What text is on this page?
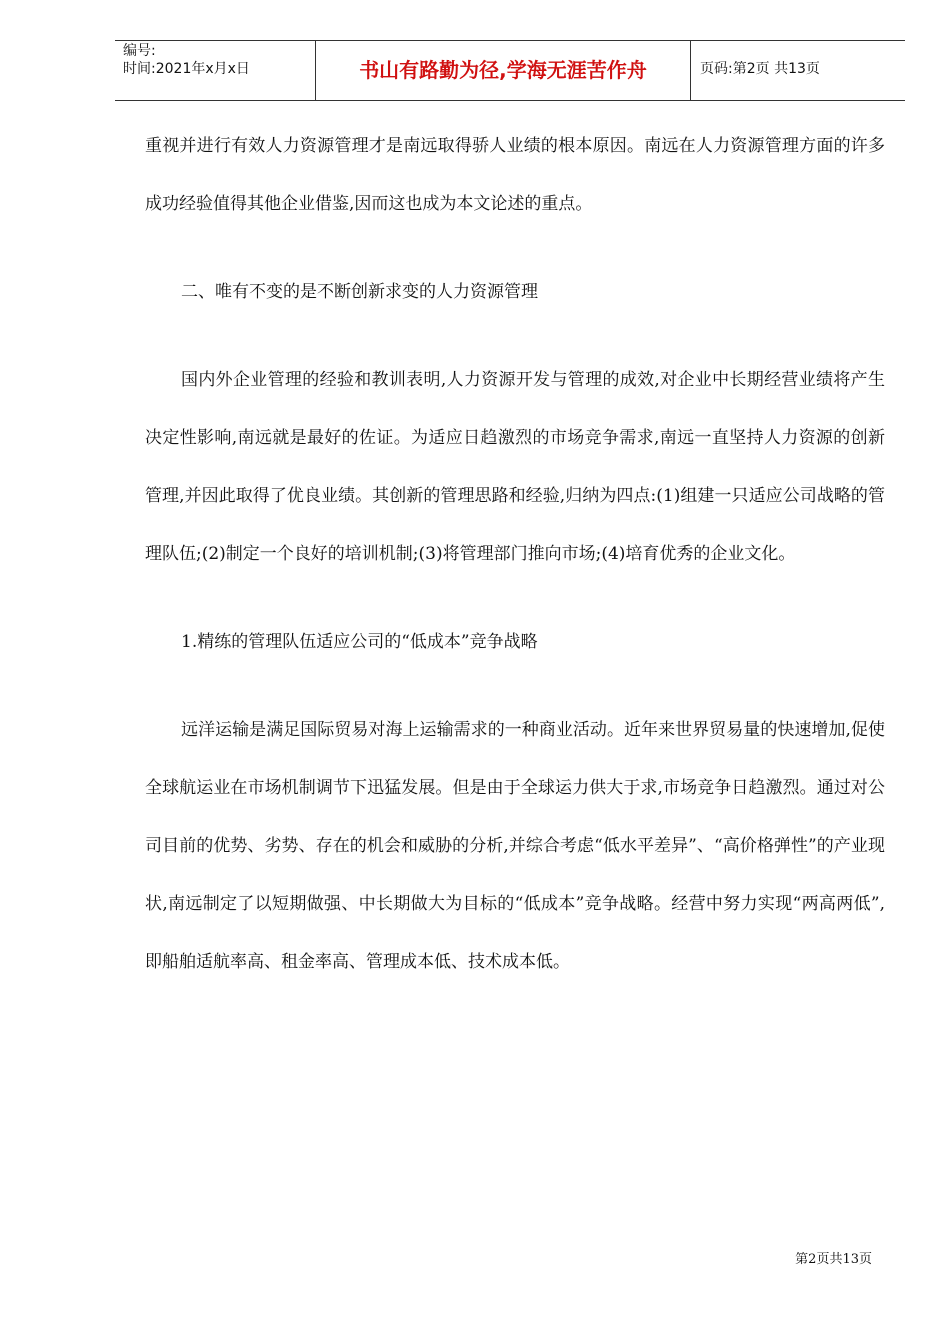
编号:
时间:2021年x月x日	书山有路勤为径,学海无涯苦作舟	页码:第2页 共13页

重视并进行有效人力资源管理才是南远取得骄人业绩的根本原因。南远在人力资源管理方面的许多成功经验值得其他企业借鉴,因而这也成为本文论述的重点。

二、唯有不变的是不断创新求变的人力资源管理

国内外企业管理的经验和教训表明,人力资源开发与管理的成效,对企业中长期经营业绩将产生决定性影响,南远就是最好的佐证。为适应日趋激烈的市场竞争需求,南远一直坚持人力资源的创新管理,并因此取得了优良业绩。其创新的管理思路和经验,归纳为四点:(1)组建一只适应公司战略的管理队伍;(2)制定一个良好的培训机制;(3)将管理部门推向市场;(4)培育优秀的企业文化。

1.精练的管理队伍适应公司的“低成本”竞争战略

远洋运输是满足国际贸易对海上运输需求的一种商业活动。近年来世界贸易量的快速增加,促使全球航运业在市场机制调节下迅猛发展。但是由于全球运力供大于求,市场竞争日趋激烈。通过对公司目前的优势、劣势、存在的机会和威胁的分析,并综合考虑“低水平差异”、“高价格弹性”的产业现状,南远制定了以短期做强、中长期做大为目标的“低成本”竞争战略。经营中努力实现“两高两低”,即船舶适航率高、租金率高、管理成本低、技术成本低。

第2页共13页
